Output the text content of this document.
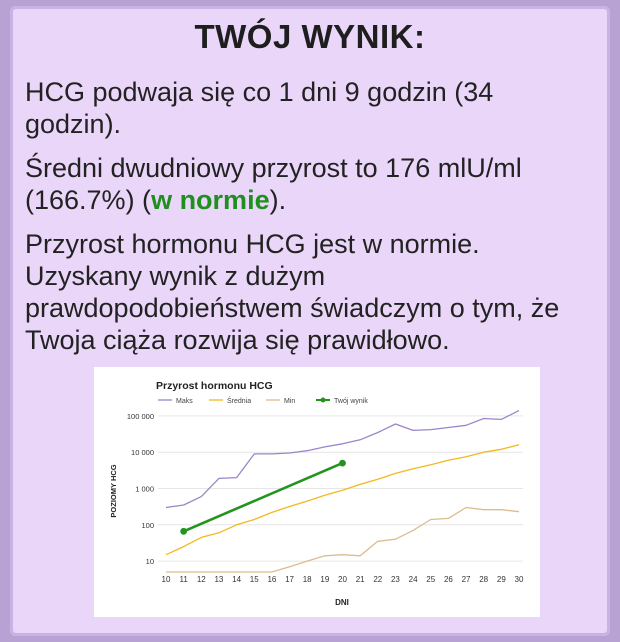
TWÓJ WYNIK:
HCG podwaja się co 1 dni 9 godzin (34 godzin).
Średni dwudniowy przyrost to 176 mlU/ml (166.7%) (w normie).
Przyrost hormonu HCG jest w normie. Uzyskany wynik z dużym prawdopodobieństwem świadczym o tym, że Twoja ciąża rozwija się prawidłowo.
Przyrost hormonu HCG
Maks	Średnia	Min	Twój wynik
10
100
1 000
10 000
100 000
10 11 12 13 14 15 16 17 18 19 20 21 22 23 24 25 26 27 28 29 30
DNI
POZIOMY HCG
